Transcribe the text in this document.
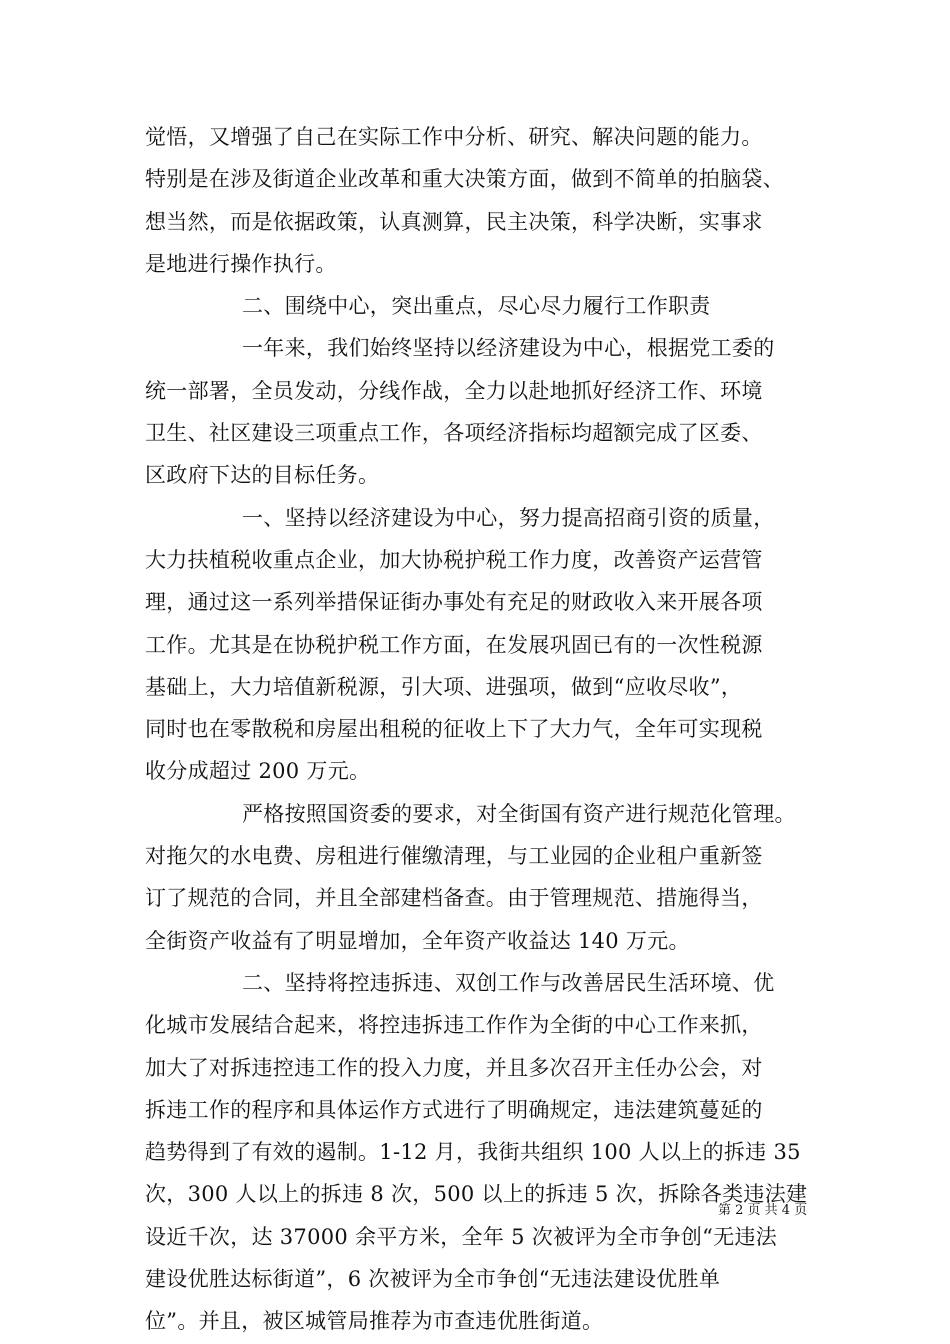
觉悟，又增强了自己在实际工作中分析、研究、解决问题的能力。
特别是在涉及街道企业改革和重大决策方面，做到不简单的拍脑袋、
想当然，而是依据政策，认真测算，民主决策，科学决断，实事求
是地进行操作执行。
二、围绕中心，突出重点，尽心尽力履行工作职责
一年来，我们始终坚持以经济建设为中心，根据党工委的
统一部署，全员发动，分线作战，全力以赴地抓好经济工作、环境
卫生、社区建设三项重点工作，各项经济指标均超额完成了区委、
区政府下达的目标任务。
一、坚持以经济建设为中心，努力提高招商引资的质量，
大力扶植税收重点企业，加大协税护税工作力度，改善资产运营管
理，通过这一系列举措保证街办事处有充足的财政收入来开展各项
工作。尤其是在协税护税工作方面，在发展巩固已有的一次性税源
基础上，大力培值新税源，引大项、进强项，做到“应收尽收”，
同时也在零散税和房屋出租税的征收上下了大力气，全年可实现税
收分成超过 200 万元。
严格按照国资委的要求，对全街国有资产进行规范化管理。
对拖欠的水电费、房租进行催缴清理，与工业园的企业租户重新签
订了规范的合同，并且全部建档备查。由于管理规范、措施得当，
全街资产收益有了明显增加，全年资产收益达 140 万元。
二、坚持将控违拆违、双创工作与改善居民生活环境、优
化城市发展结合起来，将控违拆违工作作为全街的中心工作来抓，
加大了对拆违控违工作的投入力度，并且多次召开主任办公会，对
拆违工作的程序和具体运作方式进行了明确规定，违法建筑蔓延的
趋势得到了有效的遏制。1-12 月，我街共组织 100 人以上的拆违 35
次，300 人以上的拆违 8 次，500 以上的拆违 5 次，拆除各类违法建
设近千次，达 37000 余平方米，全年 5 次被评为全市争创“无违法
建设优胜达标街道”，6 次被评为全市争创“无违法建设优胜单
位”。并且，被区城管局推荐为市查违优胜街道。
第 2 页 共 4 页
